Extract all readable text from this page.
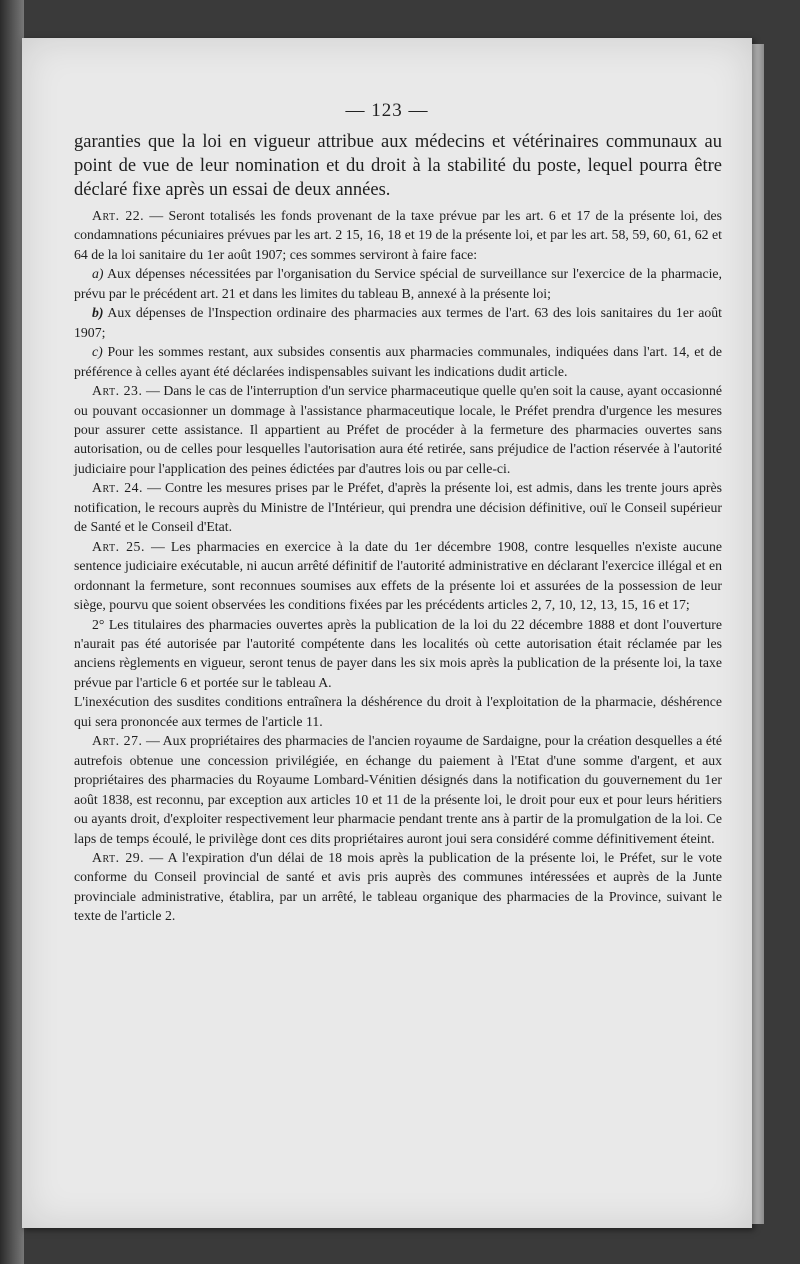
— 123 —

garanties que la loi en vigueur attribue aux médecins et vétérinaires communaux au point de vue de leur nomination et du droit à la stabilité du poste, lequel pourra être déclaré fixe après un essai de deux années.

Art. 22. — Seront totalisés les fonds provenant de la taxe prévue par les art. 6 et 17 de la présente loi, des condamnations pécuniaires prévues par les art. 2 15, 16, 18 et 19 de la présente loi, et par les art. 58, 59, 60, 61, 62 et 64 de la loi sanitaire du 1er août 1907; ces sommes serviront à faire face:

a) Aux dépenses nécessitées par l'organisation du Service spécial de surveillance sur l'exercice de la pharmacie, prévu par le précédent art. 21 et dans les limites du tableau B, annexé à la présente loi;

b) Aux dépenses de l'Inspection ordinaire des pharmacies aux termes de l'art. 63 des lois sanitaires du 1er août 1907;

c) Pour les sommes restant, aux subsides consentis aux pharmacies communales, indiquées dans l'art. 14, et de préférence à celles ayant été déclarées indispensables suivant les indications dudit article.

Art. 23. — Dans le cas de l'interruption d'un service pharmaceutique quelle qu'en soit la cause, ayant occasionné ou pouvant occasionner un dommage à l'assistance pharmaceutique locale, le Préfet prendra d'urgence les mesures pour assurer cette assistance. Il appartient au Préfet de procéder à la fermeture des pharmacies ouvertes sans autorisation, ou de celles pour lesquelles l'autorisation aura été retirée, sans préjudice de l'action réservée à l'autorité judiciaire pour l'application des peines édictées par d'autres lois ou par celle-ci.

Art. 24. — Contre les mesures prises par le Préfet, d'après la présente loi, est admis, dans les trente jours après notification, le recours auprès du Ministre de l'Intérieur, qui prendra une décision définitive, ouï le Conseil supérieur de Santé et le Conseil d'Etat.

Art. 25. — Les pharmacies en exercice à la date du 1er décembre 1908, contre lesquelles n'existe aucune sentence judiciaire exécutable, ni aucun arrêté définitif de l'autorité administrative en déclarant l'exercice illégal et en ordonnant la fermeture, sont reconnues soumises aux effets de la présente loi et assurées de la possession de leur siège, pourvu que soient observées les conditions fixées par les précédents articles 2, 7, 10, 12, 13, 15, 16 et 17;

2° Les titulaires des pharmacies ouvertes après la publication de la loi du 22 décembre 1888 et dont l'ouverture n'aurait pas été autorisée par l'autorité compétente dans les localités où cette autorisation était réclamée par les anciens règlements en vigueur, seront tenus de payer dans les six mois après la publication de la présente loi, la taxe prévue par l'article 6 et portée sur le tableau A.

L'inexécution des susdites conditions entraînera la déshérence du droit à l'exploitation de la pharmacie, déshérence qui sera prononcée aux termes de l'article 11.

Art. 27. — Aux propriétaires des pharmacies de l'ancien royaume de Sardaigne, pour la création desquelles a été autrefois obtenue une concession privilégiée, en échange du paiement à l'Etat d'une somme d'argent, et aux propriétaires des pharmacies du Royaume Lombard-Vénitien désignés dans la notification du gouvernement du 1er août 1838, est reconnu, par exception aux articles 10 et 11 de la présente loi, le droit pour eux et pour leurs héritiers ou ayants droit, d'exploiter respectivement leur pharmacie pendant trente ans à partir de la promulgation de la loi. Ce laps de temps écoulé, le privilège dont ces dits propriétaires auront joui sera considéré comme définitivement éteint.

Art. 29. — A l'expiration d'un délai de 18 mois après la publication de la présente loi, le Préfet, sur le vote conforme du Conseil provincial de santé et avis pris auprès des communes intéressées et auprès de la Junte provinciale administrative, établira, par un arrêté, le tableau organique des pharmacies de la Province, suivant le texte de l'article 2.
